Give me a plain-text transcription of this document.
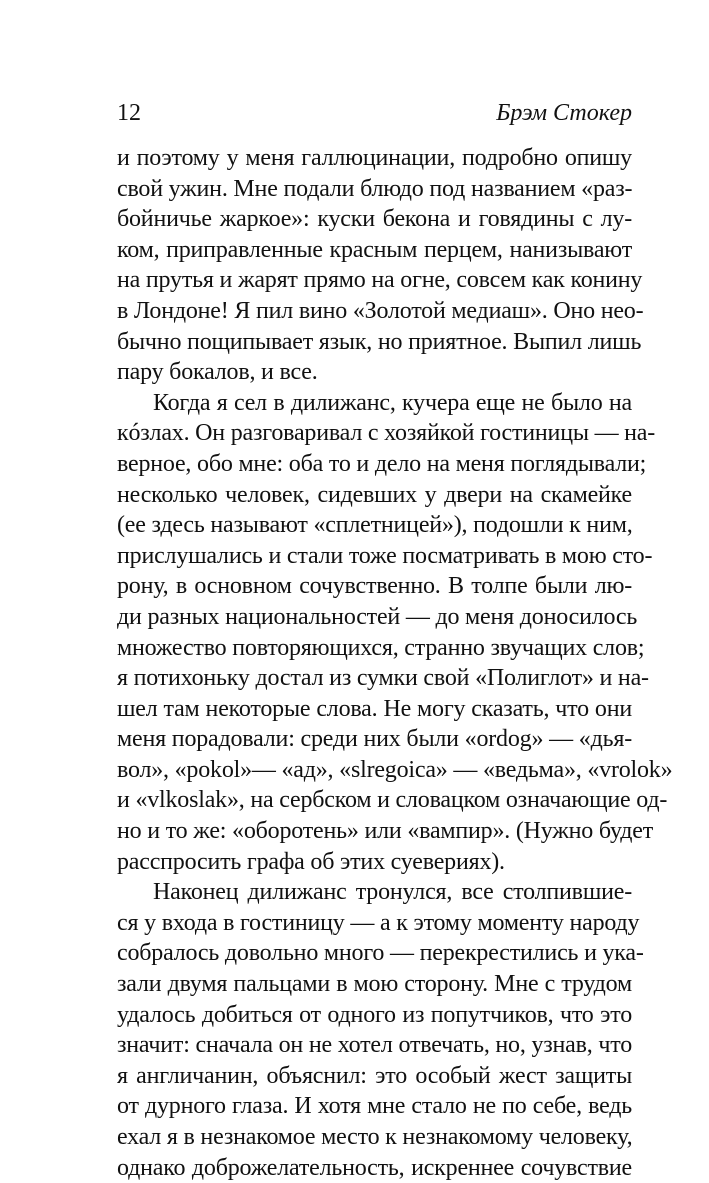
12	Брэм Стокер
и поэтому у меня галлюцинации, подробно опишу
свой ужин. Мне подали блюдо под названием «раз-
бойничье жаркое»: куски бекона и говядины с лу-
ком, приправленные красным перцем, нанизывают
на прутья и жарят прямо на огне, совсем как конину
в Лондоне! Я пил вино «Золотой медиаш». Оно нео-
бычно пощипывает язык, но приятное. Выпил лишь
пару бокалов, и все.
Когда я сел в дилижанс, кучера еще не было на
кóзлах. Он разговаривал с хозяйкой гостиницы — на-
верное, обо мне: оба то и дело на меня поглядывали;
несколько человек, сидевших у двери на скамейке
(ее здесь называют «сплетницей»), подошли к ним,
прислушались и стали тоже посматривать в мою сто-
рону, в основном сочувственно. В толпе были лю-
ди разных национальностей — до меня доносилось
множество повторяющихся, странно звучащих слов;
я потихоньку достал из сумки свой «Полиглот» и на-
шел там некоторые слова. Не могу сказать, что они
меня порадовали: среди них были «ordog» — «дья-
вол», «pokol»— «ад», «slregoica» — «ведьма», «vrolok»
и «vlkoslak», на сербском и словацком означающие од-
но и то же: «оборотень» или «вампир». (Нужно будет
расспросить графа об этих суевериях).
Наконец дилижанс тронулся, все столпившие-
ся у входа в гостиницу — а к этому моменту народу
собралось довольно много — перекрестились и ука-
зали двумя пальцами в мою сторону. Мне с трудом
удалось добиться от одного из попутчиков, что это
значит: сначала он не хотел отвечать, но, узнав, что
я англичанин, объяснил: это особый жест защиты
от дурного глаза. И хотя мне стало не по себе, ведь
ехал я в незнакомое место к незнакомому человеку,
однако доброжелательность, искреннее сочувствие
